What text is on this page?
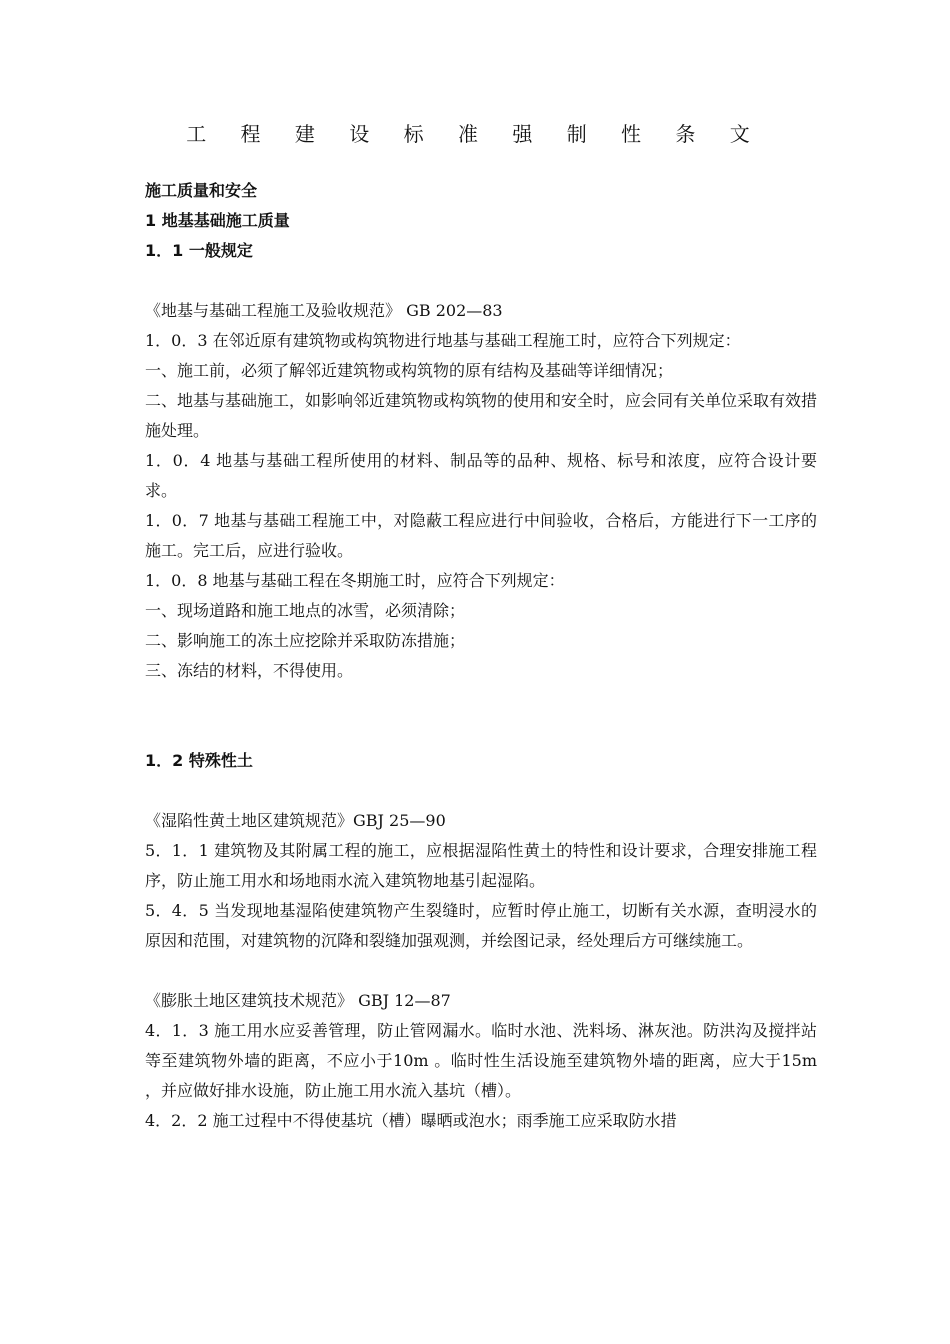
工 程 建 设 标 准 强 制 性 条 文
施工质量和安全
1 地基基础施工质量
1．1 一般规定
《地基与基础工程施工及验收规范》 GB 202—83
1．0．3 在邻近原有建筑物或构筑物进行地基与基础工程施工时，应符合下列规定：
一、施工前，必须了解邻近建筑物或构筑物的原有结构及基础等详细情况；
二、地基与基础施工，如影响邻近建筑物或构筑物的使用和安全时，应会同有关单位采取有效措施处理。
1．0．4 地基与基础工程所使用的材料、制品等的品种、规格、标号和浓度，应符合设计要求。
1．0．7 地基与基础工程施工中，对隐蔽工程应进行中间验收，合格后，方能进行下一工序的施工。完工后，应进行验收。
1．0．8 地基与基础工程在冬期施工时，应符合下列规定：
一、现场道路和施工地点的冰雪，必须清除；
二、影响施工的冻土应挖除并采取防冻措施；
三、冻结的材料，不得使用。
1．2 特殊性土
《湿陷性黄土地区建筑规范》GBJ 25—90
5．1．1 建筑物及其附属工程的施工，应根据湿陷性黄土的特性和设计要求，合理安排施工程序，防止施工用水和场地雨水流入建筑物地基引起湿陷。
5．4．5 当发现地基湿陷使建筑物产生裂缝时，应暂时停止施工，切断有关水源，查明浸水的原因和范围，对建筑物的沉降和裂缝加强观测，并绘图记录，经处理后方可继续施工。
《膨胀土地区建筑技术规范》 GBJ 12—87
4．1．3 施工用水应妥善管理，防止管网漏水。临时水池、洗料场、淋灰池。防洪沟及搅拌站等至建筑物外墙的距离，不应小于10m 。临时性生活设施至建筑物外墙的距离，应大于15m ，并应做好排水设施，防止施工用水流入基坑（槽）。
4．2．2 施工过程中不得使基坑（槽）曝晒或泡水；雨季施工应采取防水措
